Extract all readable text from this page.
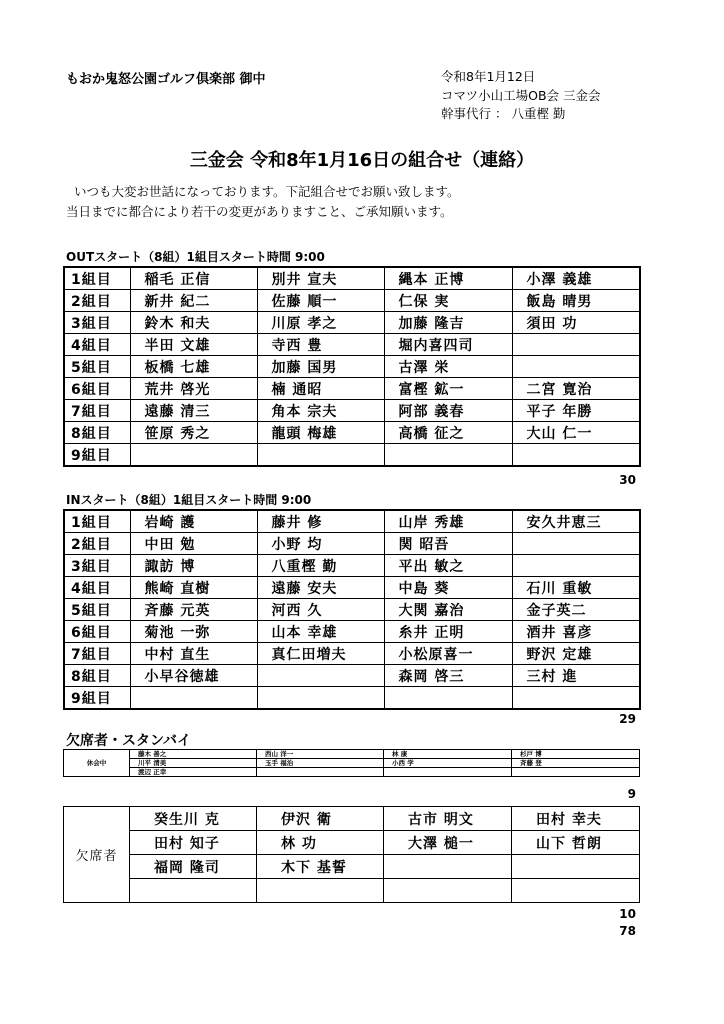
もおか鬼怒公園ゴルフ倶楽部 御中	令和8年1月12日
コマツ小山工場OB会 三金会
幹事代行 ： 八重樫 勤
三金会 令和8年1月16日の組合せ（連絡）
いつも大変お世話になっております。下記組合せでお願い致します。
当日までに都合により若干の変更がありますこと、ご承知願います。
OUTスタート（8組）1組目スタート時間 9:00
1組目	稲毛 正信	別井 宣夫	縄本 正博	小澤 義雄
2組目	新井 紀二	佐藤 順一	仁保 実	飯島 晴男
3組目	鈴木 和夫	川原 孝之	加藤 隆吉	須田 功
4組目	半田 文雄	寺西 豊	堀内喜四司	
5組目	板橋 七雄	加藤 国男	古澤 栄	
6組目	荒井 啓光	楠 通昭	富樫 鉱一	二宮 寛治
7組目	遠藤 清三	角本 宗夫	阿部 義春	平子 年勝
8組目	笹原 秀之	龍頭 梅雄	高橋 征之	大山 仁一
9組目				
30
INスタート（8組）1組目スタート時間 9:00
1組目	岩崎 護	藤井 修	山岸 秀雄	安久井恵三
2組目	中田 勉	小野 均	関 昭吾	
3組目	諏訪 博	八重樫 勤	平出 敏之	
4組目	熊崎 直樹	遠藤 安夫	中島 葵	石川 重敏
5組目	斉藤 元英	河西 久	大関 嘉治	金子英二
6組目	菊池 一弥	山本 幸雄	糸井 正明	酒井 喜彦
7組目	中村 直生	真仁田増夫	小松原喜一	野沢 定雄
8組目	小早谷徳雄		森岡 啓三	三村 進
9組目				
29
欠席者・スタンバイ
休会中	藤木 善之	西山 洋一	林 康	杉戸 博
	川平 清美	玉手 福治	小西 学	斉藤 登
	渡辺 正幸			
9
欠席者	癸生川 克	伊沢 衛	古市 明文	田村 幸夫
	田村 知子	林 功	大澤 槌一	山下 哲朗
	福岡 隆司	木下 基誓		

10
78
